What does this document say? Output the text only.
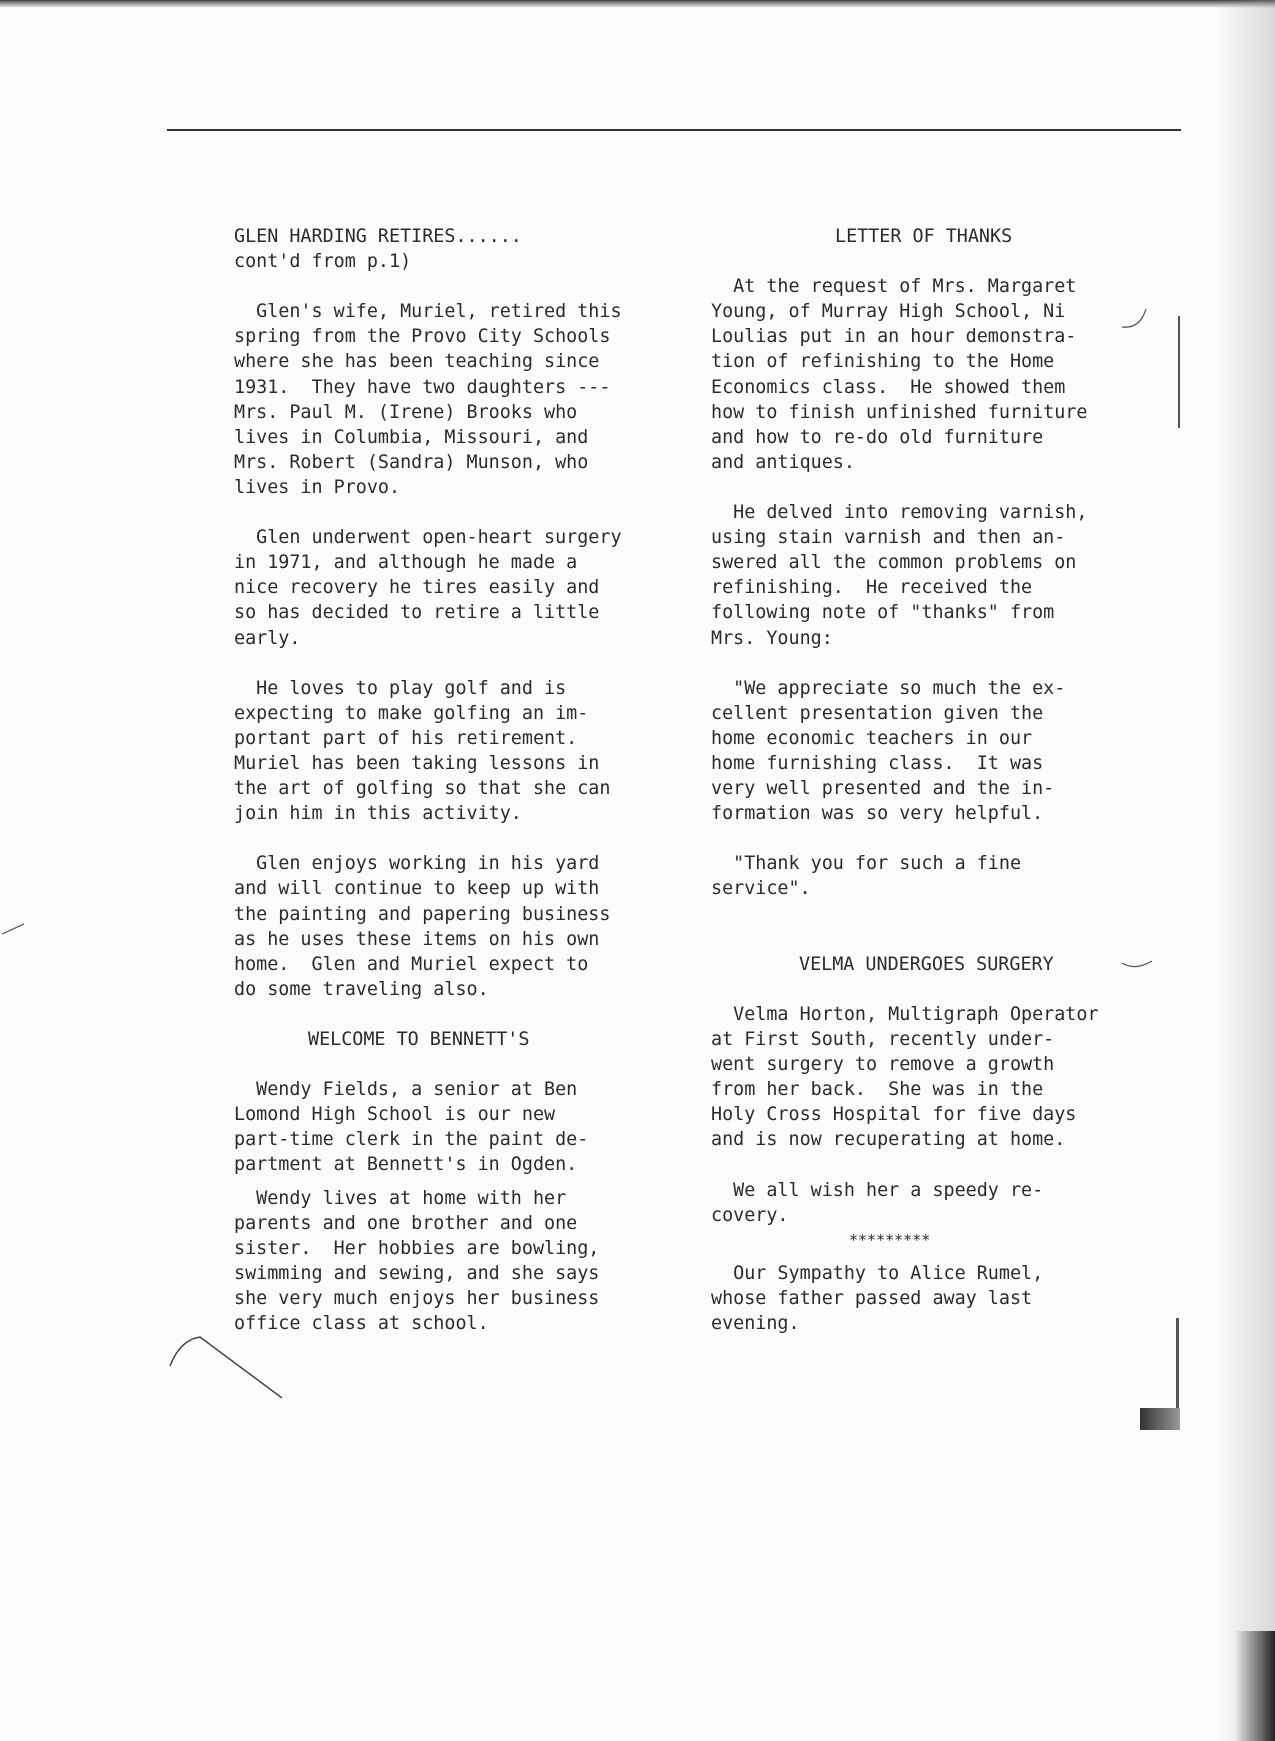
GLEN HARDING RETIRES......
cont'd from p.1)
Glen's wife, Muriel, retired this
spring from the Provo City Schools
where she has been teaching since
1931.  They have two daughters ---
Mrs. Paul M. (Irene) Brooks who
lives in Columbia, Missouri, and
Mrs. Robert (Sandra) Munson, who
lives in Provo.
Glen underwent open-heart surgery
in 1971, and although he made a
nice recovery he tires easily and
so has decided to retire a little
early.
He loves to play golf and is
expecting to make golfing an im-
portant part of his retirement.
Muriel has been taking lessons in
the art of golfing so that she can
join him in this activity.
Glen enjoys working in his yard
and will continue to keep up with
the painting and papering business
as he uses these items on his own
home.  Glen and Muriel expect to
do some traveling also.
WELCOME TO BENNETT'S
Wendy Fields, a senior at Ben
Lomond High School is our new
part-time clerk in the paint de-
partment at Bennett's in Ogden.
Wendy lives at home with her
parents and one brother and one
sister.  Her hobbies are bowling,
swimming and sewing, and she says
she very much enjoys her business
office class at school.
LETTER OF THANKS
At the request of Mrs. Margaret
Young, of Murray High School, Ni
Loulias put in an hour demonstra-
tion of refinishing to the Home
Economics class.  He showed them
how to finish unfinished furniture
and how to re-do old furniture
and antiques.
He delved into removing varnish,
using stain varnish and then an-
swered all the common problems on
refinishing.  He received the
following note of "thanks" from
Mrs. Young:
"We appreciate so much the ex-
cellent presentation given the
home economic teachers in our
home furnishing class.  It was
very well presented and the in-
formation was so very helpful.
"Thank you for such a fine
service".
VELMA UNDERGOES SURGERY
Velma Horton, Multigraph Operator
at First South, recently under-
went surgery to remove a growth
from her back.  She was in the
Holy Cross Hospital for five days
and is now recuperating at home.
We all wish her a speedy re-
covery.
*********
Our Sympathy to Alice Rumel,
whose father passed away last
evening.
